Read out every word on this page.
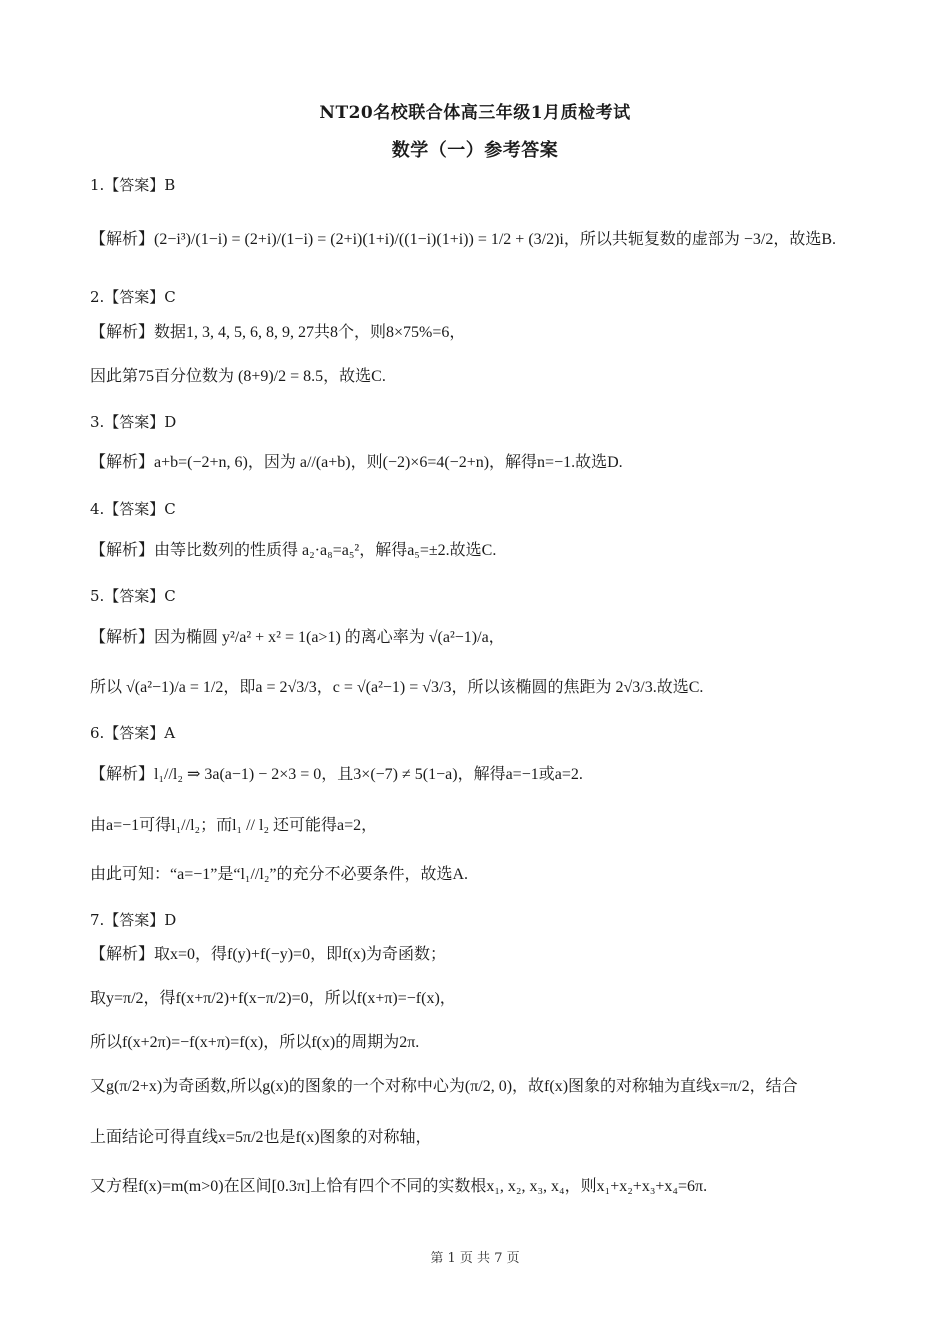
NT20名校联合体高三年级1月质检考试
数学（一）参考答案
1.【答案】B
【解析】(2−i³)/(1−i) = (2+i)/(1−i) = (2+i)(1+i)/((1−i)(1+i)) = 1/2 + (3/2)i，所以共轭复数的虚部为 −3/2，故选B.
2.【答案】C
【解析】数据1, 3, 4, 5, 6, 8, 9, 27共8个，则8×75%=6，
因此第75百分位数为 (8+9)/2 = 8.5，故选C.
3.【答案】D
【解析】a+b=(−2+n, 6)，因为 a//(a+b)，则(−2)×6=4(−2+n)，解得n=−1.故选D.
4.【答案】C
【解析】由等比数列的性质得 a₂·a₈=a₅²，解得a₅=±2.故选C.
5.【答案】C
【解析】因为椭圆 y²/a² + x² = 1(a>1) 的离心率为 √(a²−1)/a，
所以 √(a²−1)/a = 1/2，即a = 2√3/3，c = √(a²−1) = √3/3，所以该椭圆的焦距为 2√3/3.故选C.
6.【答案】A
【解析】l₁//l₂ ⇒ 3a(a−1) − 2×3 = 0，且3×(−7) ≠ 5(1−a)，解得a=−1或a=2.
由a=−1可得l₁//l₂；而l₁ // l₂ 还可能得a=2，
由此可知：“a=−1”是“l₁//l₂”的充分不必要条件，故选A.
7.【答案】D
【解析】取x=0，得f(y)+f(−y)=0，即f(x)为奇函数；
取y=π/2，得f(x+π/2)+f(x−π/2)=0，所以f(x+π)=−f(x)，
所以f(x+2π)=−f(x+π)=f(x)，所以f(x)的周期为2π.
又g(π/2+x)为奇函数,所以g(x)的图象的一个对称中心为(π/2, 0)，故f(x)图象的对称轴为直线x=π/2，结合
上面结论可得直线x=5π/2也是f(x)图象的对称轴，
又方程f(x)=m(m>0)在区间[0.3π]上恰有四个不同的实数根x₁, x₂, x₃, x₄，则x₁+x₂+x₃+x₄=6π.
第 1 页 共 7 页
